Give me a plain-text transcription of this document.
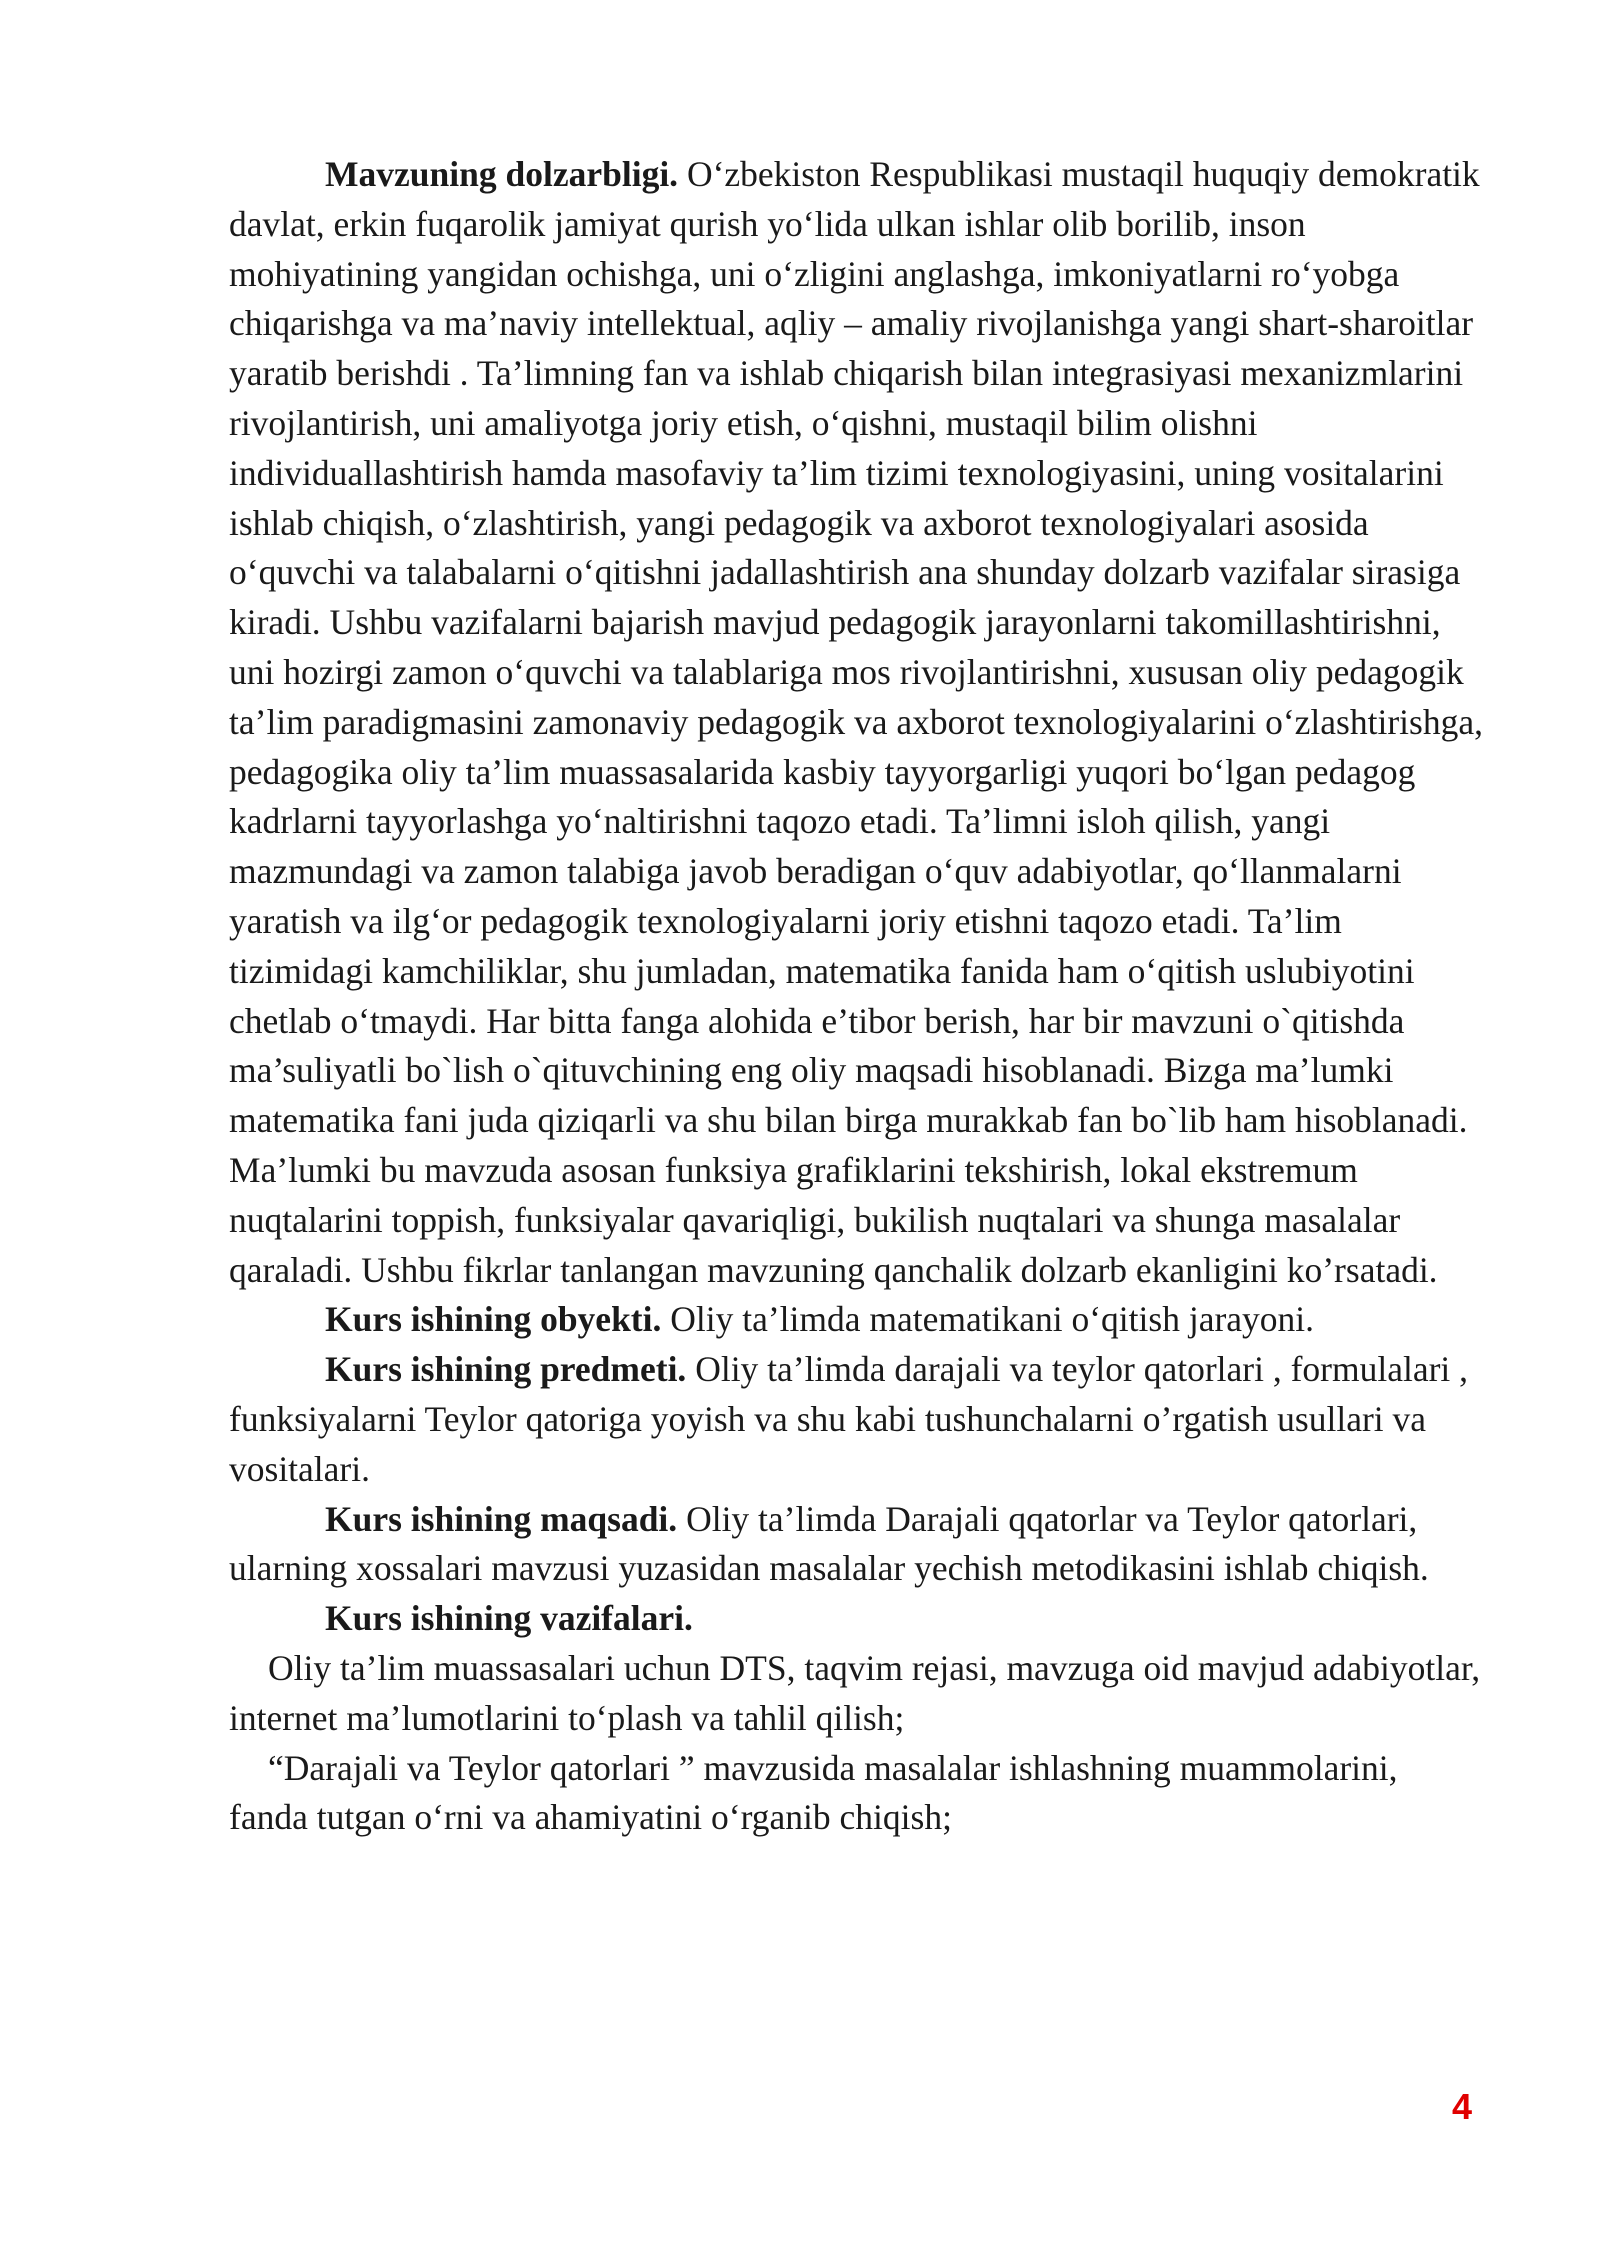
Mavzuning dolzarbligi. O‘zbekiston Respublikasi mustaqil huquqiy demokratik davlat, erkin fuqarolik jamiyat qurish yo‘lida ulkan ishlar olib borilib, inson mohiyatining yangidan ochishga, uni o‘zligini anglashga, imkoniyatlarni ro‘yobga chiqarishga va ma’naviy intellektual, aqliy – amaliy rivojlanishga yangi shart-sharoitlar yaratib berishdi . Ta’limning fan va ishlab chiqarish bilan integrasiyasi mexanizmlarini rivojlantirish, uni amaliyotga joriy etish, o‘qishni, mustaqil bilim olishni individuallashtirish hamda masofaviy ta’lim tizimi texnologiyasini, uning vositalarini ishlab chiqish, o‘zlashtirish, yangi pedagogik va axborot texnologiyalari asosida o‘quvchi va talabalarni o‘qitishni jadallashtirish ana shunday dolzarb vazifalar sirasiga kiradi. Ushbu vazifalarni bajarish mavjud pedagogik jarayonlarni takomillashtirishni, uni hozirgi zamon o‘quvchi va talablariga mos rivojlantirishni, xususan oliy pedagogik ta’lim paradigmasini zamonaviy pedagogik va axborot texnologiyalarini o‘zlashtirishga, pedagogika oliy ta’lim muassasalarida kasbiy tayyorgarligi yuqori bo‘lgan pedagog kadrlarni tayyorlashga yo‘naltirishni taqozo etadi. Ta’limni isloh qilish, yangi mazmundagi va zamon talabiga javob beradigan o‘quv adabiyotlar, qo‘llanmalarni yaratish va ilg‘or pedagogik texnologiyalarni joriy etishni taqozo etadi. Ta’lim tizimidagi kamchiliklar, shu jumladan, matematika fanida ham o‘qitish uslubiyotini chetlab o‘tmaydi. Har bitta fanga alohida e’tibor berish, har bir mavzuni o`qitishda ma’suliyatli bo`lish o`qituvchining eng oliy maqsadi hisoblanadi. Bizga ma’lumki matematika fani juda qiziqarli va shu bilan birga murakkab fan bo`lib ham hisoblanadi. Ma’lumki bu mavzuda asosan funksiya grafiklarini tekshirish, lokal ekstremum nuqtalarini toppish, funksiyalar qavariqligi, bukilish nuqtalari va shunga masalalar qaraladi. Ushbu fikrlar tanlangan mavzuning qanchalik dolzarb ekanligini ko’rsatadi.

Kurs ishining obyekti. Oliy ta’limda matematikani o‘qitish jarayoni.

Kurs ishining predmeti. Oliy ta’limda darajali va teylor qatorlari , formulalari , funksiyalarni Teylor qatoriga yoyish va shu kabi tushunchalarni o’rgatish usullari va vositalari.

Kurs ishining maqsadi. Oliy ta’limda Darajali qqatorlar va Teylor qatorlari, ularning xossalari mavzusi yuzasidan masalalar yechish metodikasini ishlab chiqish.

Kurs ishining vazifalari.

Oliy ta’lim muassasalari uchun DTS, taqvim rejasi, mavzuga oid mavjud adabiyotlar, internet ma’lumotlarini to‘plash va tahlil qilish;

“Darajali va Teylor qatorlari ” mavzusida masalalar ishlashning muammolarini, fanda tutgan o‘rni va ahamiyatini o‘rganib chiqish;

4
